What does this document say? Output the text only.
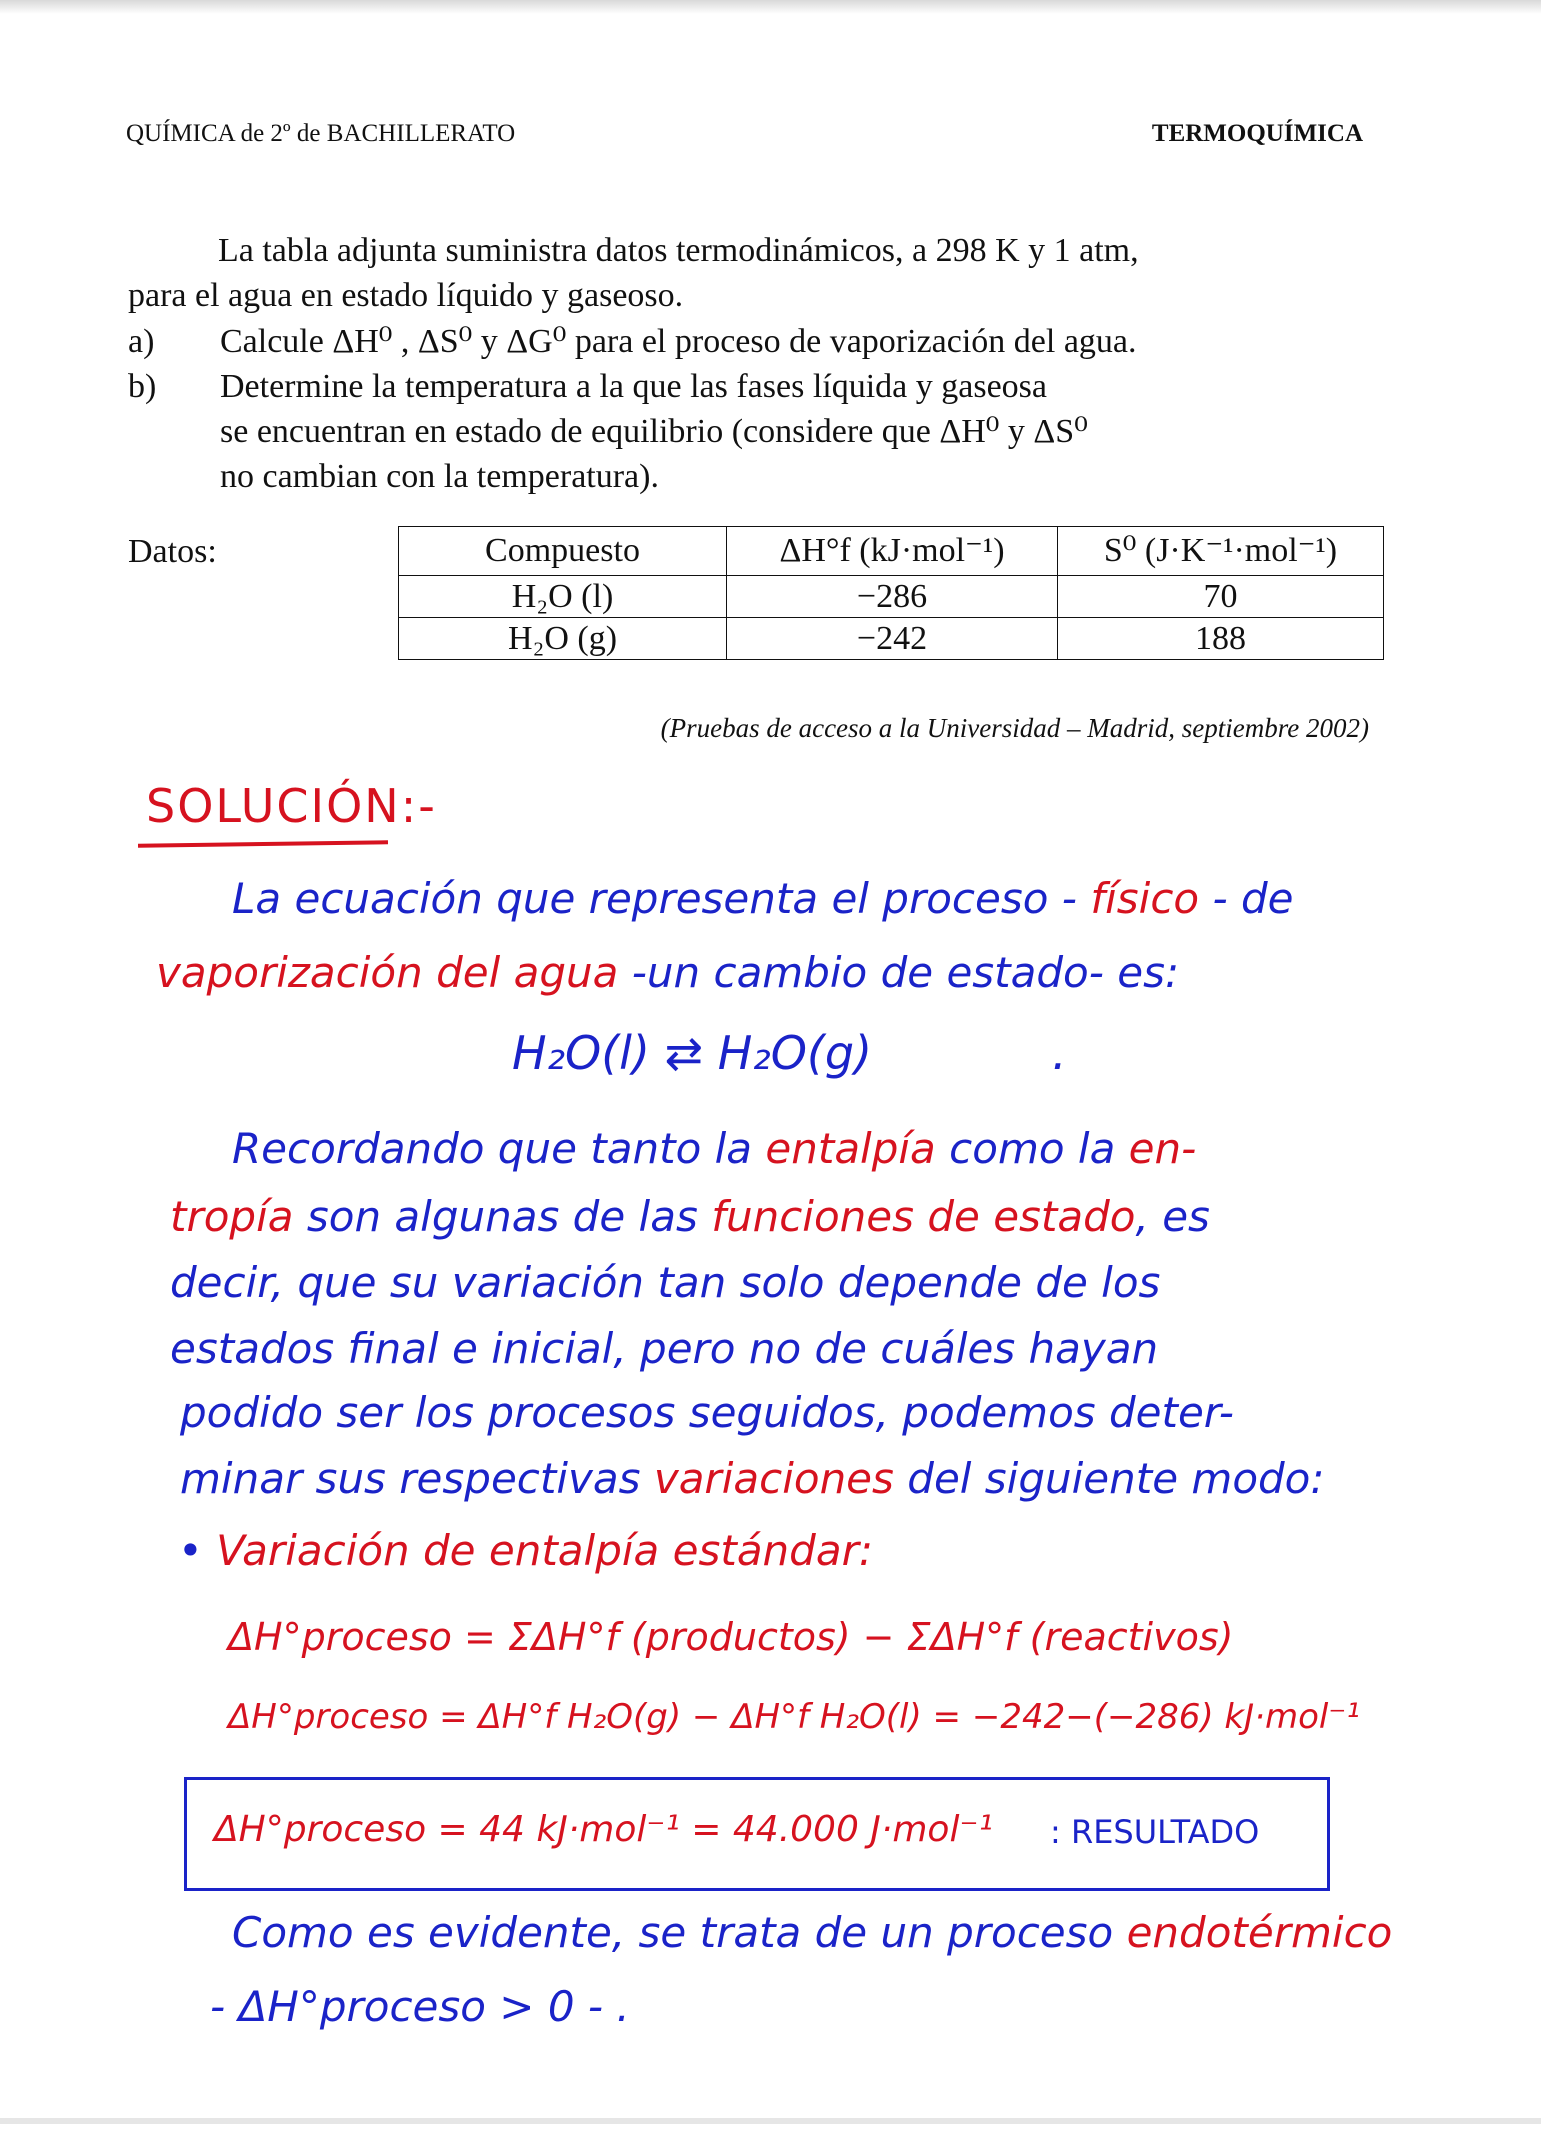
QUÍMICA de 2º de BACHILLERATO	TERMOQUÍMICA
La tabla adjunta suministra datos termodinámicos, a 298 K y 1 atm,
para el agua en estado líquido y gaseoso.
a)	Calcule ΔH⁰ , ΔS⁰ y ΔG⁰ para el proceso de vaporización del agua.
b)	Determine la temperatura a la que las fases líquida y gaseosa
se encuentran en estado de equilibrio (considere que ΔH⁰ y ΔS⁰
no cambian con la temperatura).
Datos:	Compuesto	ΔH°f (kJ·mol⁻¹)	S⁰ (J·K⁻¹·mol⁻¹)
H₂O (l)	−286	70
H₂O (g)	−242	188
(Pruebas de acceso a la Universidad – Madrid, septiembre 2002)
SOLUCIÓN:-
La ecuación que representa el proceso - físico - de
vaporización del agua -un cambio de estado- es:
H₂O(l) ⇄ H₂O(g)	.
Recordando que tanto la entalpía como la en-
tropía son algunas de las funciones de estado, es
decir, que su variación tan solo depende de los
estados final e inicial, pero no de cuáles hayan
podido ser los procesos seguidos, podemos deter-
minar sus respectivas variaciones del siguiente modo:
• Variación de entalpía estándar:
ΔH°proceso = ΣΔH°f (productos) − ΣΔH°f (reactivos)
ΔH°proceso = ΔH°f H₂O(g) − ΔH°f H₂O(l) = −242−(−286) kJ·mol⁻¹
ΔH°proceso = 44 kJ·mol⁻¹ = 44.000 J·mol⁻¹ : RESULTADO
Como es evidente, se trata de un proceso endotérmico
- ΔH°proceso > 0 - .
